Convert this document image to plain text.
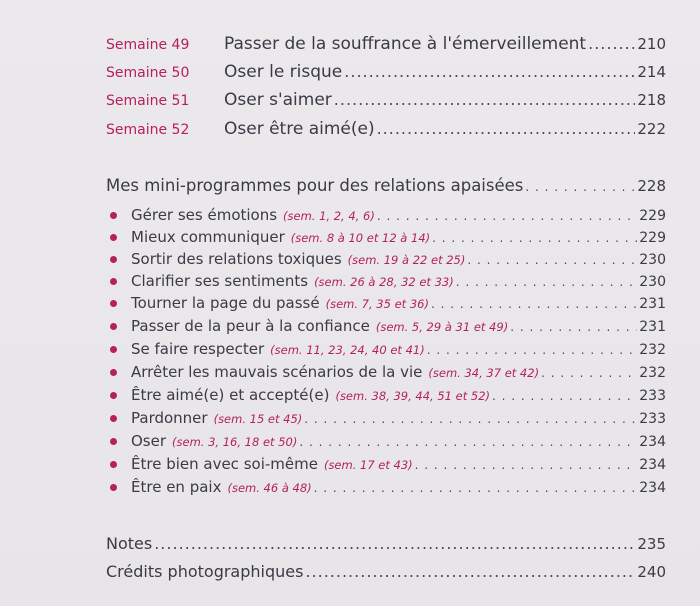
Semaine 49	Passer de la souffrance à l'émerveillement .....	210
Semaine 50	Oser le risque .....	214
Semaine 51	Oser s'aimer .....	218
Semaine 52	Oser être aimé(e) .....	222
Mes mini-programmes pour des relations apaisées . . .	228
Gérer ses émotions (sem. 1, 2, 4, 6) . . .	229
Mieux communiquer (sem. 8 à 10 et 12 à 14) . . .	229
Sortir des relations toxiques (sem. 19 à 22 et 25) . . .	230
Clarifier ses sentiments (sem. 26 à 28, 32 et 33) . . .	230
Tourner la page du passé (sem. 7, 35 et 36) . . .	231
Passer de la peur à la confiance (sem. 5, 29 à 31 et 49) . . .	231
Se faire respecter (sem. 11, 23, 24, 40 et 41) . . .	232
Arrêter les mauvais scénarios de la vie (sem. 34, 37 et 42) . . .	232
Être aimé(e) et accepté(e) (sem. 38, 39, 44, 51 et 52) . . .	233
Pardonner (sem. 15 et 45) . . .	233
Oser (sem. 3, 16, 18 et 50) . . .	234
Être bien avec soi-même (sem. 17 et 43) . . .	234
Être en paix (sem. 46 à 48) . . .	234
Notes .....	235
Crédits photographiques .....	240
